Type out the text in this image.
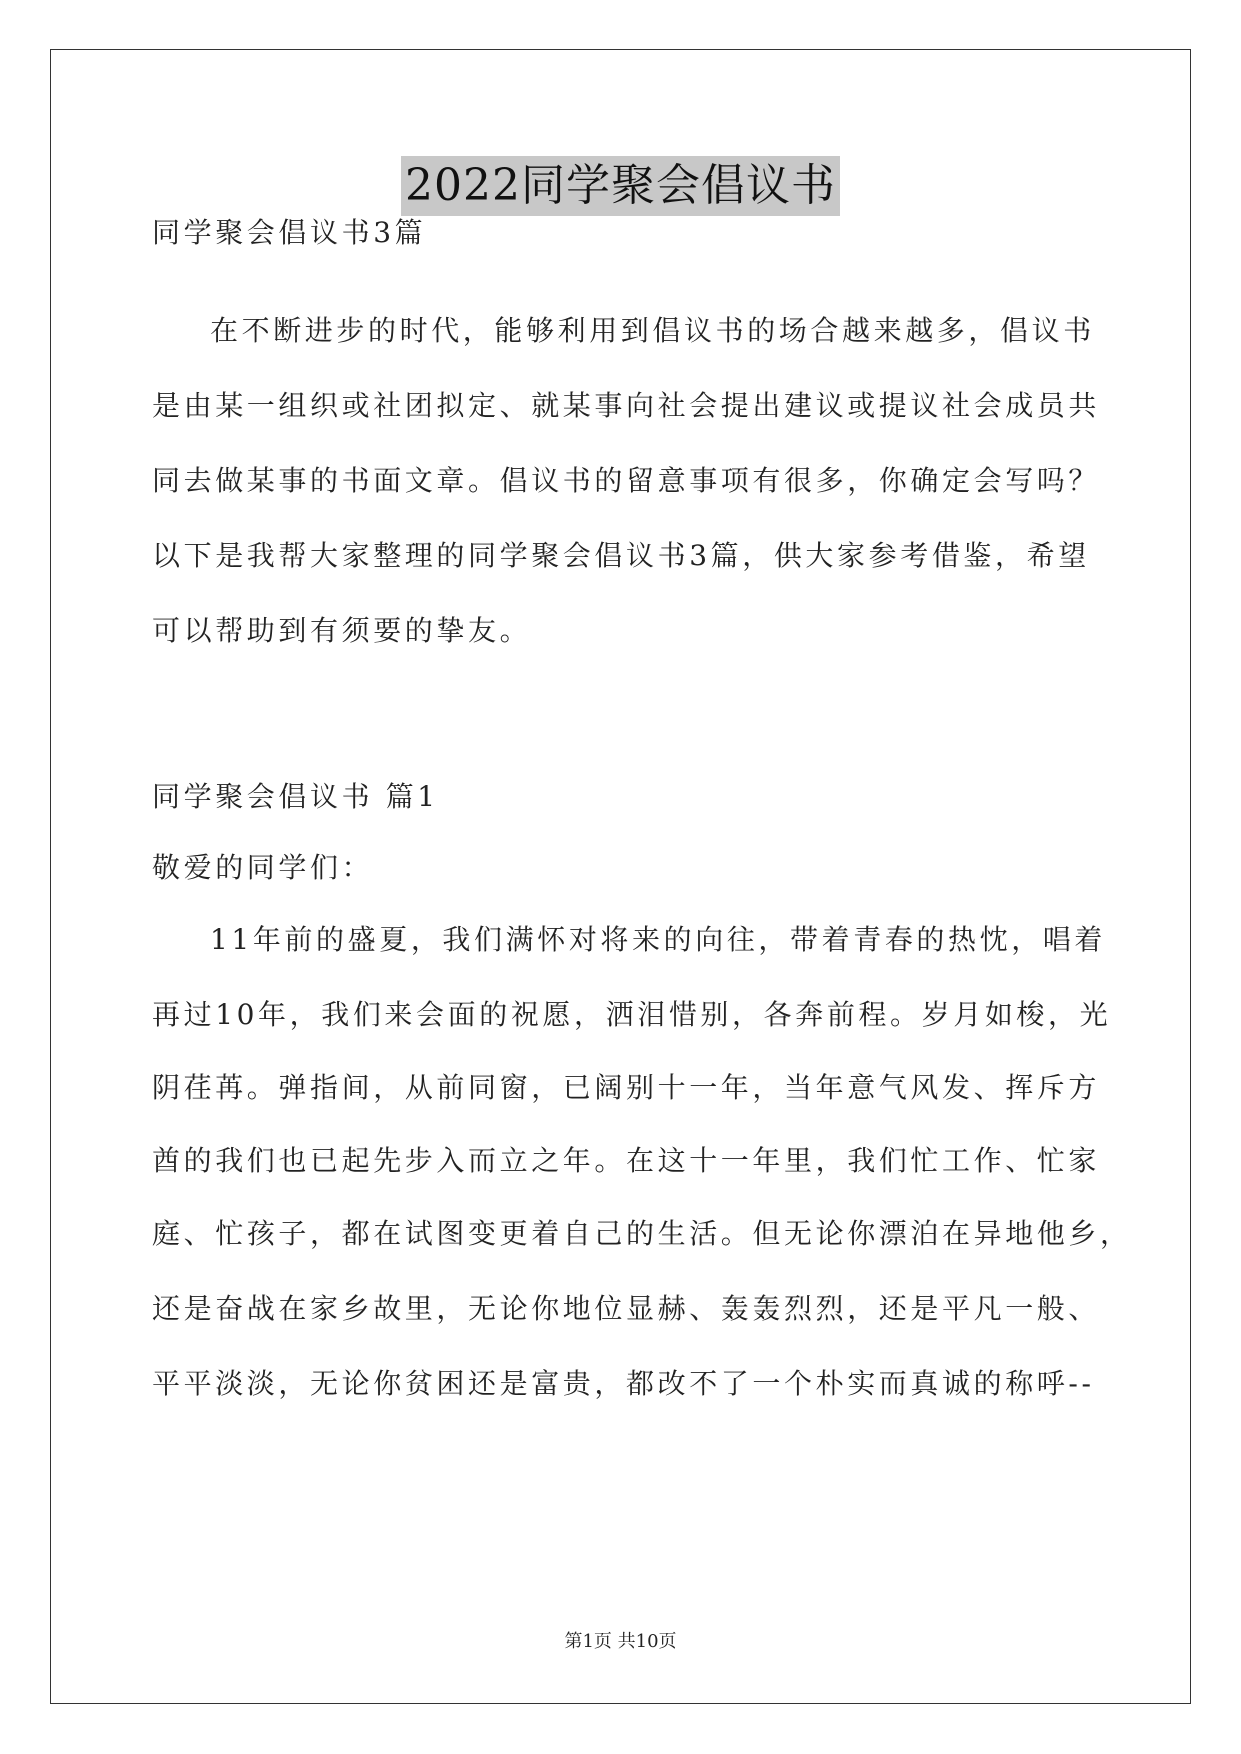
2022同学聚会倡议书
同学聚会倡议书3篇
在不断进步的时代，能够利用到倡议书的场合越来越多，倡议书
是由某一组织或社团拟定、就某事向社会提出建议或提议社会成员共
同去做某事的书面文章。倡议书的留意事项有很多，你确定会写吗？
以下是我帮大家整理的同学聚会倡议书3篇，供大家参考借鉴，希望
可以帮助到有须要的挚友。
同学聚会倡议书 篇1
敬爱的同学们：
11年前的盛夏，我们满怀对将来的向往，带着青春的热忱，唱着
再过10年，我们来会面的祝愿，洒泪惜别，各奔前程。岁月如梭，光
阴荏苒。弹指间，从前同窗，已阔别十一年，当年意气风发、挥斥方
酋的我们也已起先步入而立之年。在这十一年里，我们忙工作、忙家
庭、忙孩子，都在试图变更着自己的生活。但无论你漂泊在异地他乡，
还是奋战在家乡故里，无论你地位显赫、轰轰烈烈，还是平凡一般、
平平淡淡，无论你贫困还是富贵，都改不了一个朴实而真诚的称呼--
第1页 共10页
